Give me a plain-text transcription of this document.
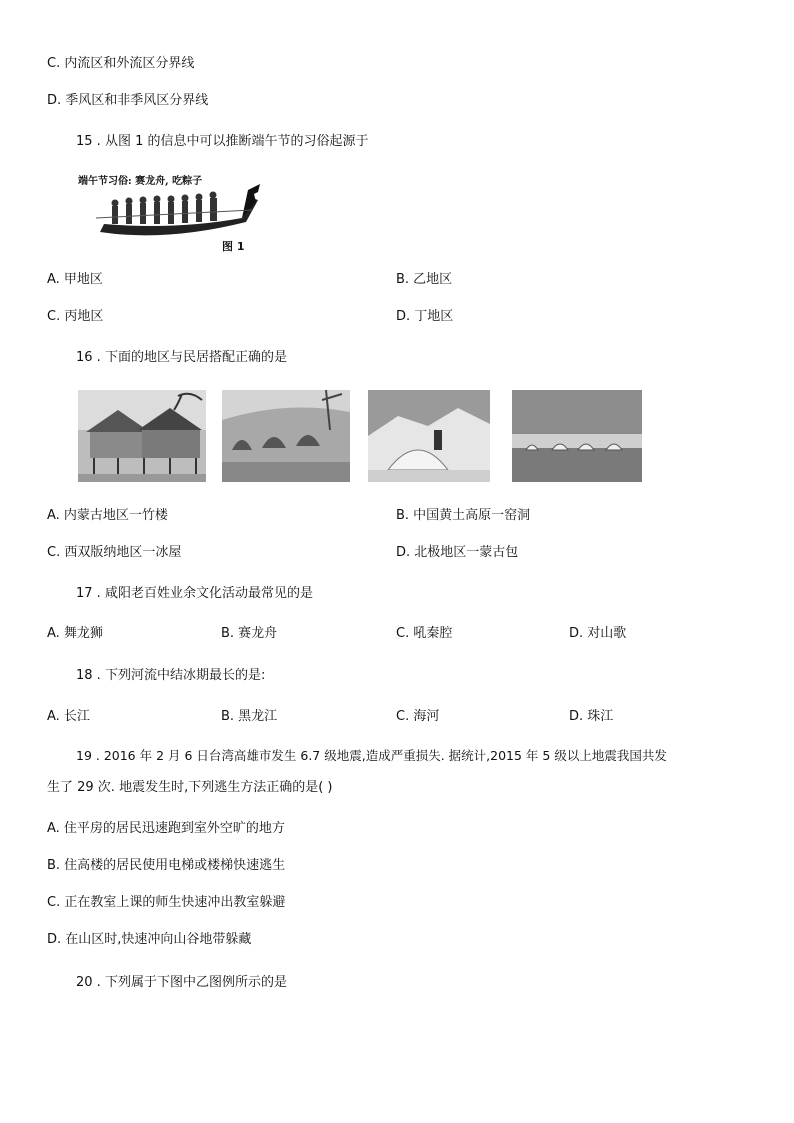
C. 内流区和外流区分界线
D. 季风区和非季风区分界线
15 . 从图 1 的信息中可以推断端午节的习俗起源于
端午节习俗: 赛龙舟, 吃粽子
图 1
A. 甲地区	B. 乙地区
C. 丙地区	D. 丁地区
16 . 下面的地区与民居搭配正确的是
A. 内蒙古地区一竹楼	B. 中国黄土高原一窑洞
C. 西双版纳地区一冰屋	D. 北极地区一蒙古包
17 . 咸阳老百姓业余文化活动最常见的是
A. 舞龙狮	B. 赛龙舟	C. 吼秦腔	D. 对山歌
18 . 下列河流中结冰期最长的是:
A. 长江	B. 黑龙江	C. 海河	D. 珠江
19 . 2016 年 2 月 6 日台湾高雄市发生 6.7 级地震,造成严重损失. 据统计,2015 年 5 级以上地震我国共发
生了 29 次. 地震发生时,下列逃生方法正确的是( )
A. 住平房的居民迅速跑到室外空旷的地方
B. 住高楼的居民使用电梯或楼梯快速逃生
C. 正在教室上课的师生快速冲出教室躲避
D. 在山区时,快速冲向山谷地带躲藏
20 . 下列属于下图中乙图例所示的是
